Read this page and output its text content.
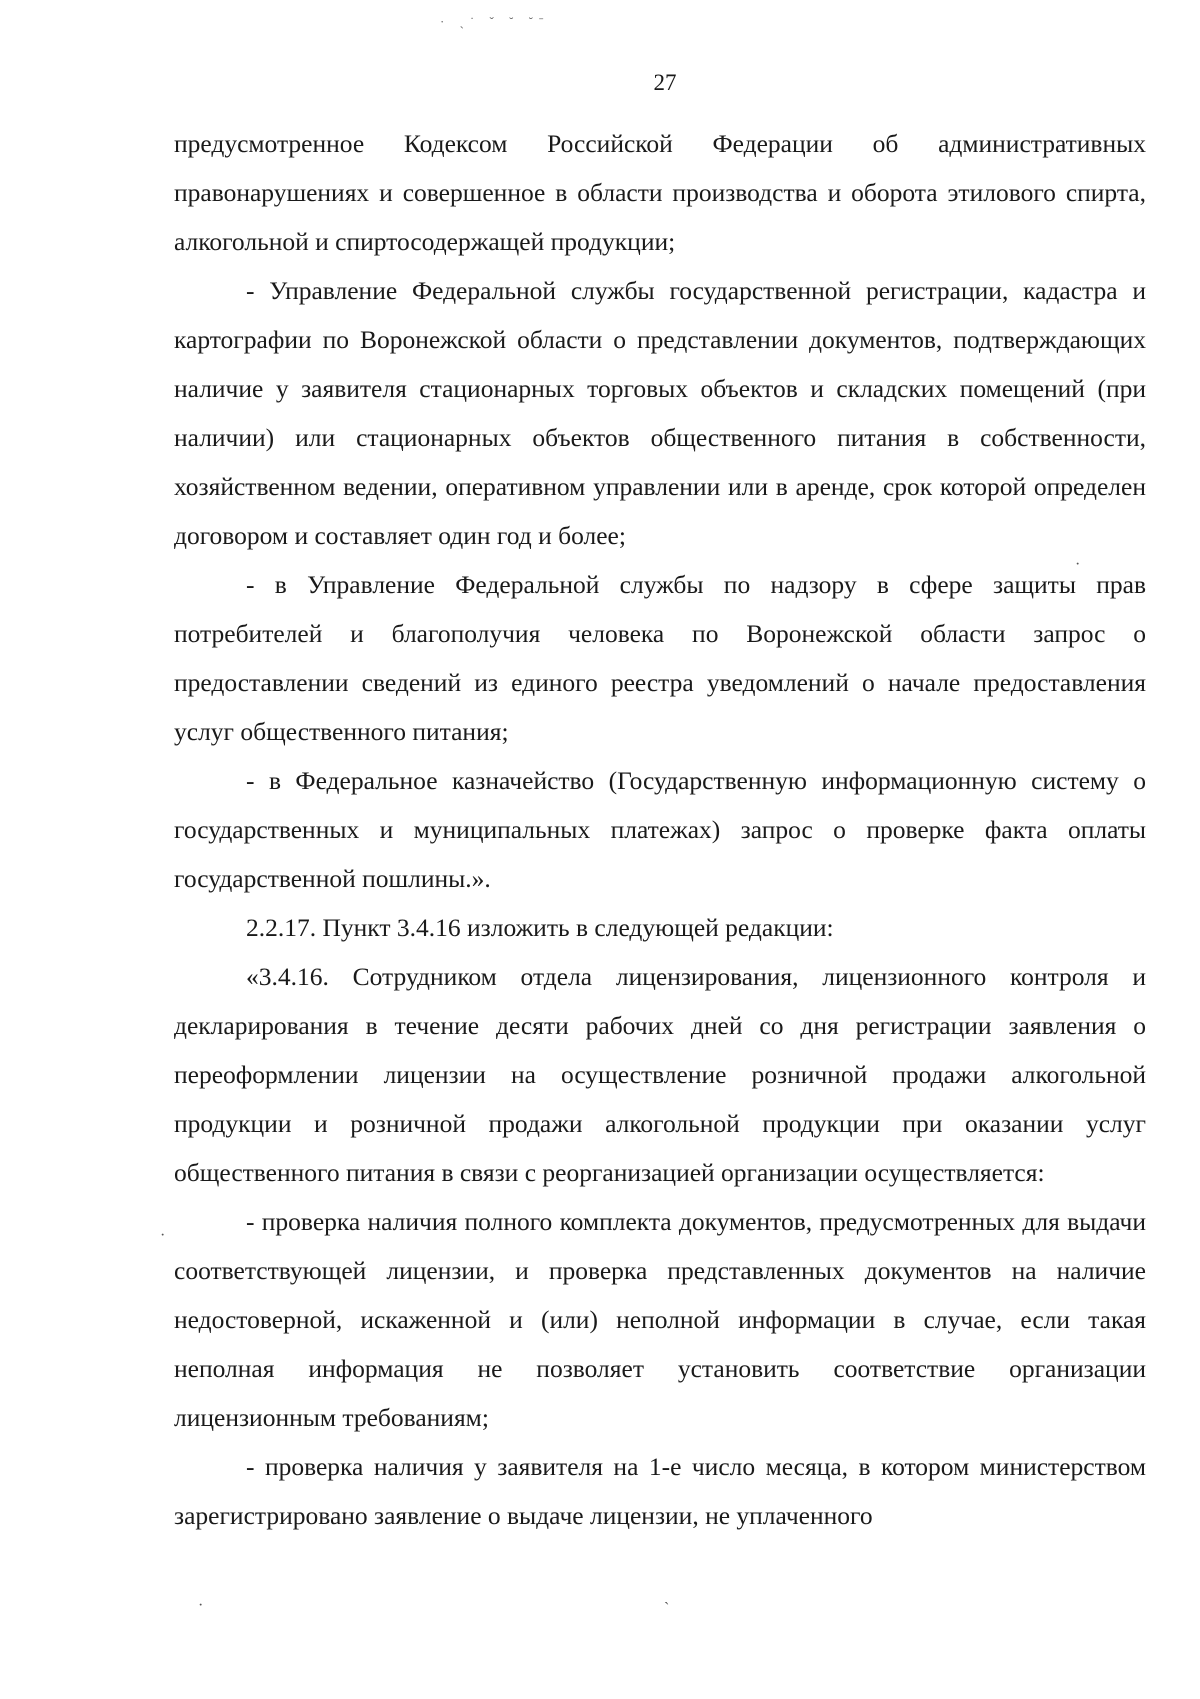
· ˏ˙ ˇ ˘ ˘ˉ
27

предусмотренное Кодексом Российской Федерации об административных правонарушениях и совершенное в области производства и оборота этилового спирта, алкогольной и спиртосодержащей продукции;

- Управление Федеральной службы государственной регистрации, кадастра и картографии по Воронежской области о представлении документов, подтверждающих наличие у заявителя стационарных торговых объектов и складских помещений (при наличии) или стационарных объектов общественного питания в собственности, хозяйственном ведении, оперативном управлении или в аренде, срок которой определен договором и составляет один год и более;

- в Управление Федеральной службы по надзору в сфере защиты прав потребителей и благополучия человека по Воронежской области запрос о предоставлении сведений из единого реестра уведомлений о начале предоставления услуг общественного питания;

- в Федеральное казначейство (Государственную информационную систему о государственных и муниципальных платежах) запрос о проверке факта оплаты государственной пошлины.».

2.2.17. Пункт 3.4.16 изложить в следующей редакции:

«3.4.16. Сотрудником отдела лицензирования, лицензионного контроля и декларирования в течение десяти рабочих дней со дня регистрации заявления о переоформлении лицензии на осуществление розничной продажи алкогольной продукции и розничной продажи алкогольной продукции при оказании услуг общественного питания в связи с реорганизацией организации осуществляется:

- проверка наличия полного комплекта документов, предусмотренных для выдачи соответствующей лицензии, и проверка представленных документов на наличие недостоверной, искаженной и (или) неполной информации в случае, если такая неполная информация не позволяет установить соответствие организации лицензионным требованиям;

- проверка наличия у заявителя на 1-е число месяца, в котором министерством зарегистрировано заявление о выдаче лицензии, не уплаченного

·
·
·
ˏ
